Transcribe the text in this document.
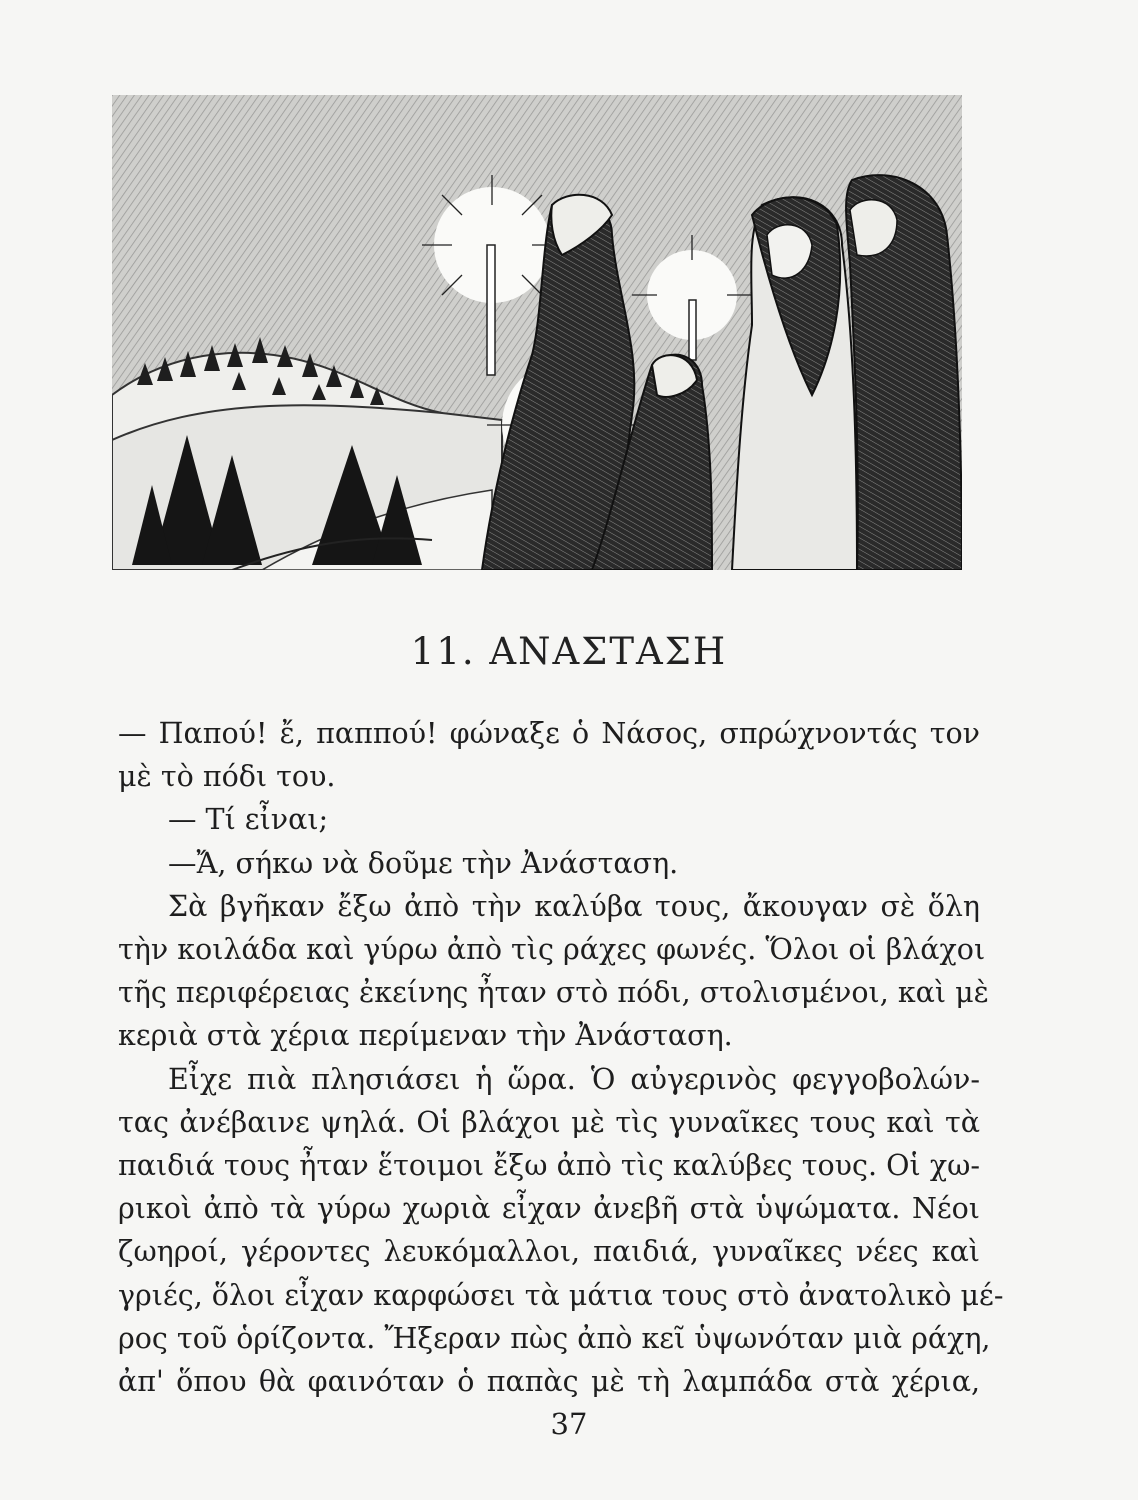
11. ΑΝΑΣΤΑΣΗ
— Παπού! ἔ, παππού! φώναξε ὁ Νάσος, σπρώχνοντάς τον
μὲ τὸ πόδι του.
— Τί εἶναι;
—Ἄ, σήκω νὰ δοῦμε τὴν Ἀνάσταση.
Σὰ βγῆκαν ἔξω ἀπὸ τὴν καλύβα τους, ἄκουγαν σὲ ὅλη
τὴν κοιλάδα καὶ γύρω ἀπὸ τὶς ράχες φωνές. Ὅλοι οἱ βλάχοι
τῆς περιφέρειας ἐκείνης ἦταν στὸ πόδι, στολισμένοι, καὶ μὲ
κεριὰ στὰ χέρια περίμεναν τὴν Ἀνάσταση.
Εἶχε πιὰ πλησιάσει ἡ ὥρα. Ὁ αὐγερινὸς φεγγοβολών-
τας ἀνέβαινε ψηλά. Οἱ βλάχοι μὲ τὶς γυναῖκες τους καὶ τὰ
παιδιά τους ἦταν ἕτοιμοι ἔξω ἀπὸ τὶς καλύβες τους. Οἱ χω-
ρικοὶ ἀπὸ τὰ γύρω χωριὰ εἶχαν ἀνεβῆ στὰ ὑψώματα. Νέοι
ζωηροί, γέροντες λευκόμαλλοι, παιδιά, γυναῖκες νέες καὶ
γριές, ὅλοι εἶχαν καρφώσει τὰ μάτια τους στὸ ἀνατολικὸ μέ-
ρος τοῦ ὁρίζοντα. Ἤξεραν πὼς ἀπὸ κεῖ ὑψωνόταν μιὰ ράχη,
ἀπ' ὅπου θὰ φαινόταν ὁ παπὰς μὲ τὴ λαμπάδα στὰ χέρια,
37
